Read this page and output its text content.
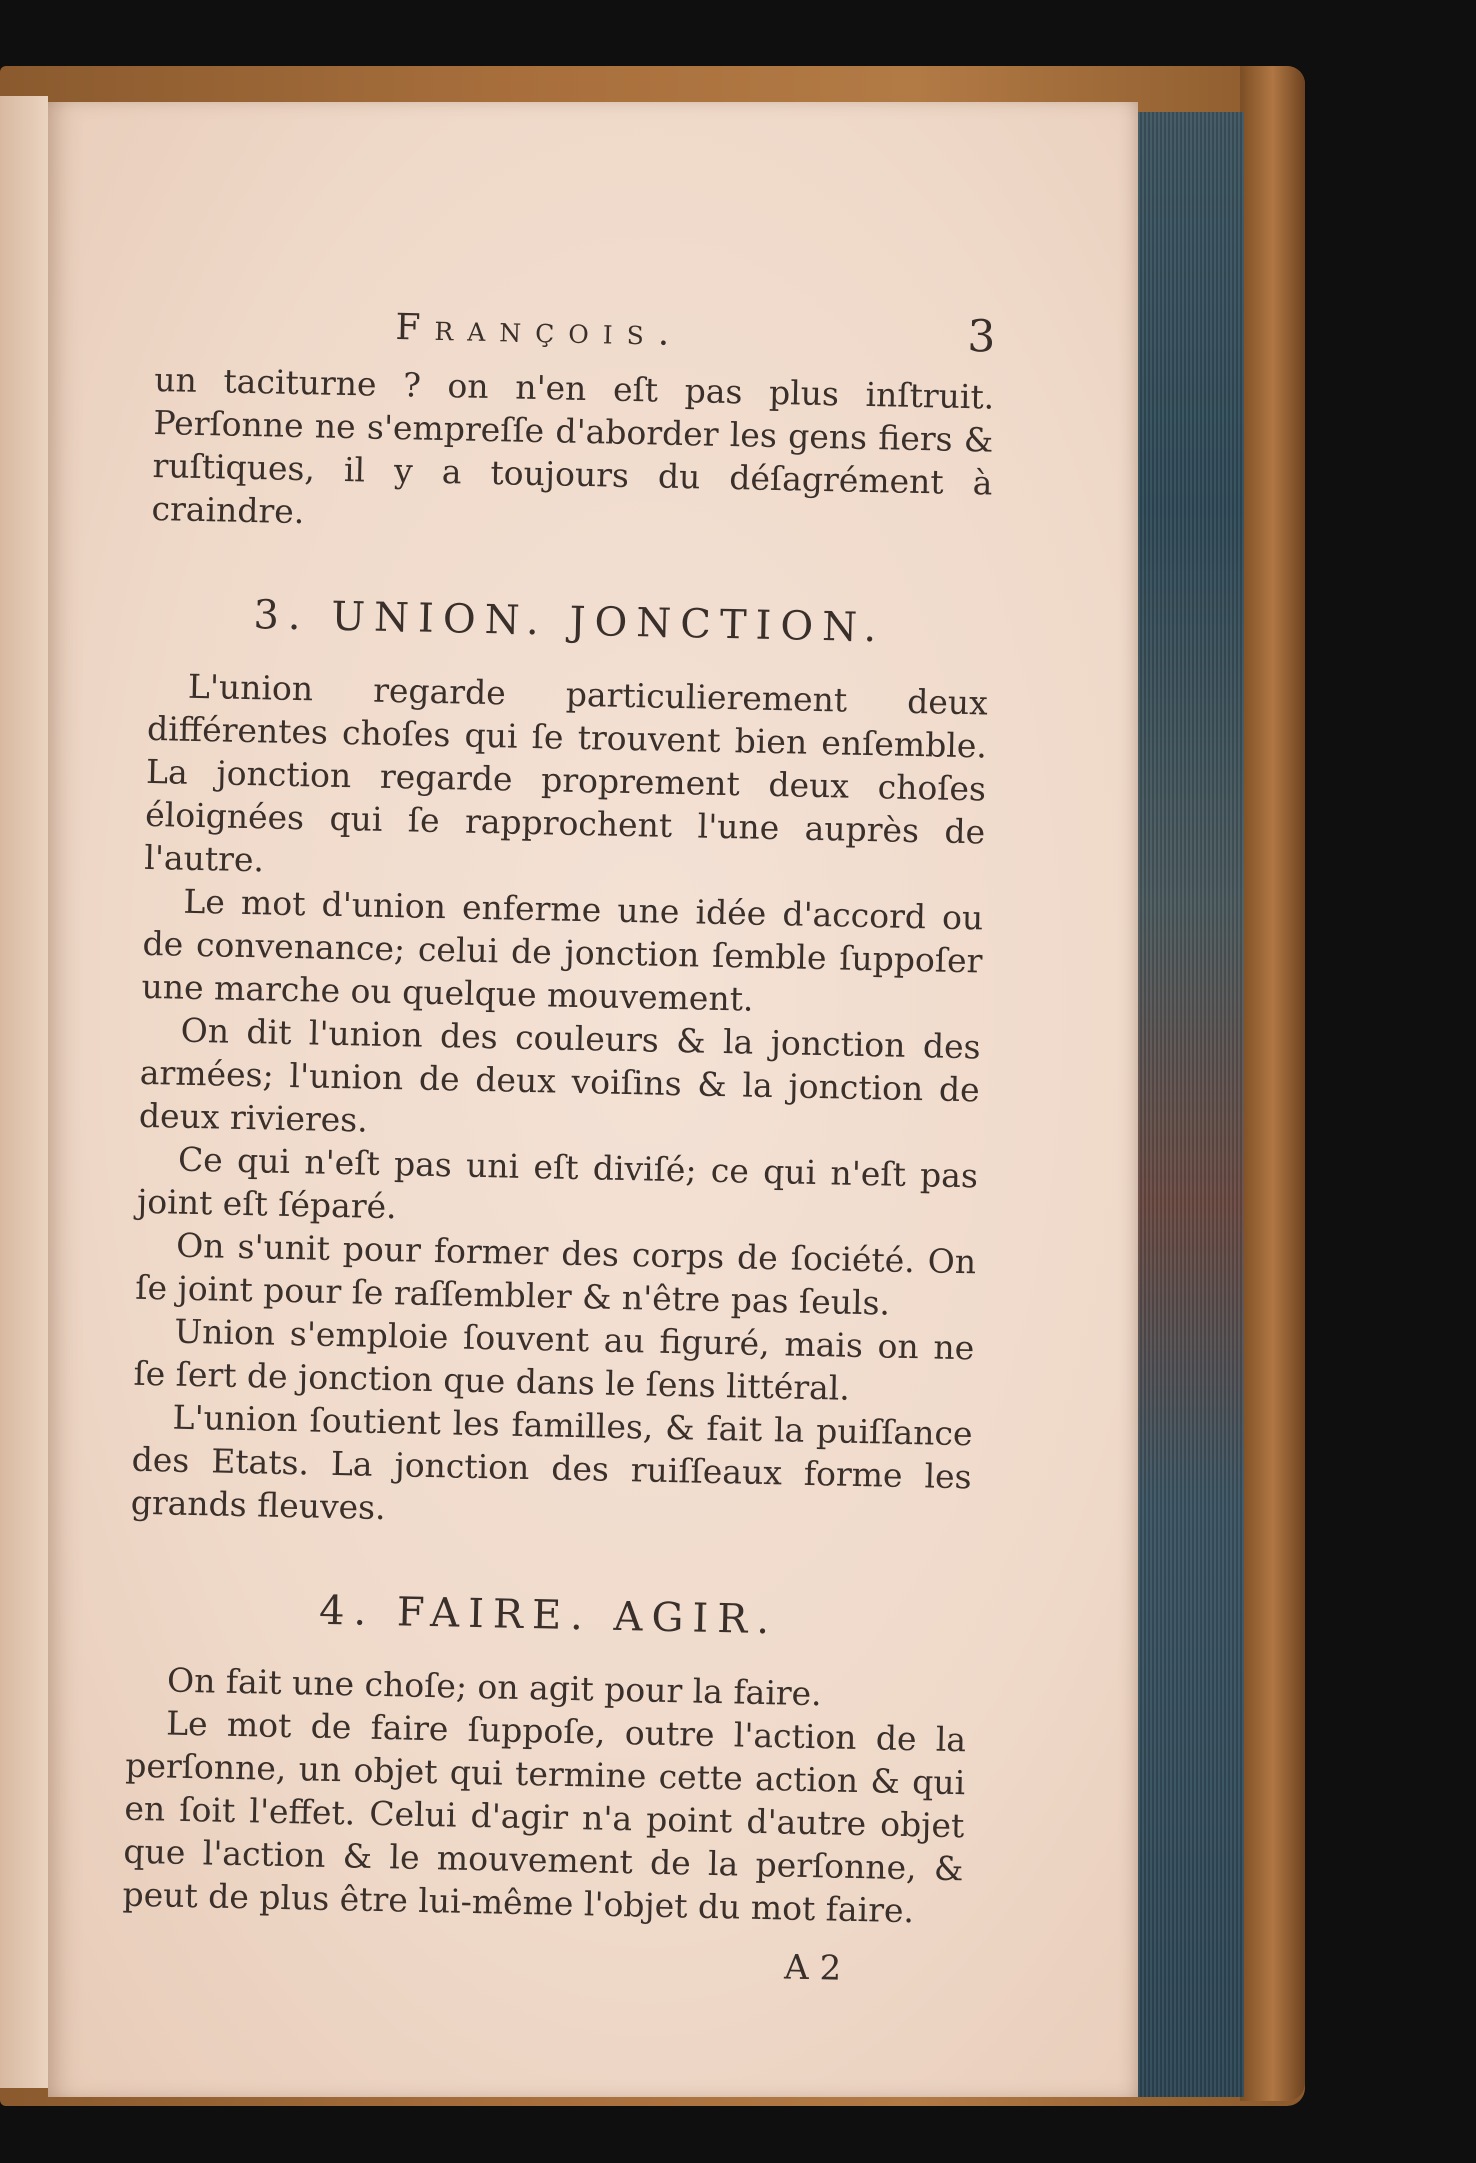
François.	3

un taciturne ? on n'en eſt pas plus inſtruit. Perſonne ne s'empreſſe d'aborder les gens fiers & ruſtiques, il y a toujours du déſagrément à craindre.

3. UNION. JONCTION.

L'union regarde particulierement deux différentes choſes qui ſe trouvent bien enſemble. La jonction regarde proprement deux choſes éloignées qui ſe rapprochent l'une auprès de l'autre.

Le mot d'union enferme une idée d'accord ou de convenance; celui de jonction ſemble ſuppoſer une marche ou quelque mouvement.

On dit l'union des couleurs & la jonction des armées; l'union de deux voiſins & la jonction de deux rivieres.

Ce qui n'eſt pas uni eſt diviſé; ce qui n'eſt pas joint eſt ſéparé.

On s'unit pour former des corps de ſociété. On ſe joint pour ſe raſſembler & n'être pas ſeuls.

Union s'emploie ſouvent au figuré, mais on ne ſe ſert de jonction que dans le ſens littéral.

L'union ſoutient les familles, & fait la puiſſance des Etats. La jonction des ruiſſeaux forme les grands fleuves.

4. FAIRE. AGIR.

On fait une choſe; on agit pour la faire.

Le mot de faire ſuppoſe, outre l'action de la perſonne, un objet qui termine cette action & qui en ſoit l'effet. Celui d'agir n'a point d'autre objet que l'action & le mouvement de la perſonne, & peut de plus être lui-même l'objet du mot faire.

A 2
